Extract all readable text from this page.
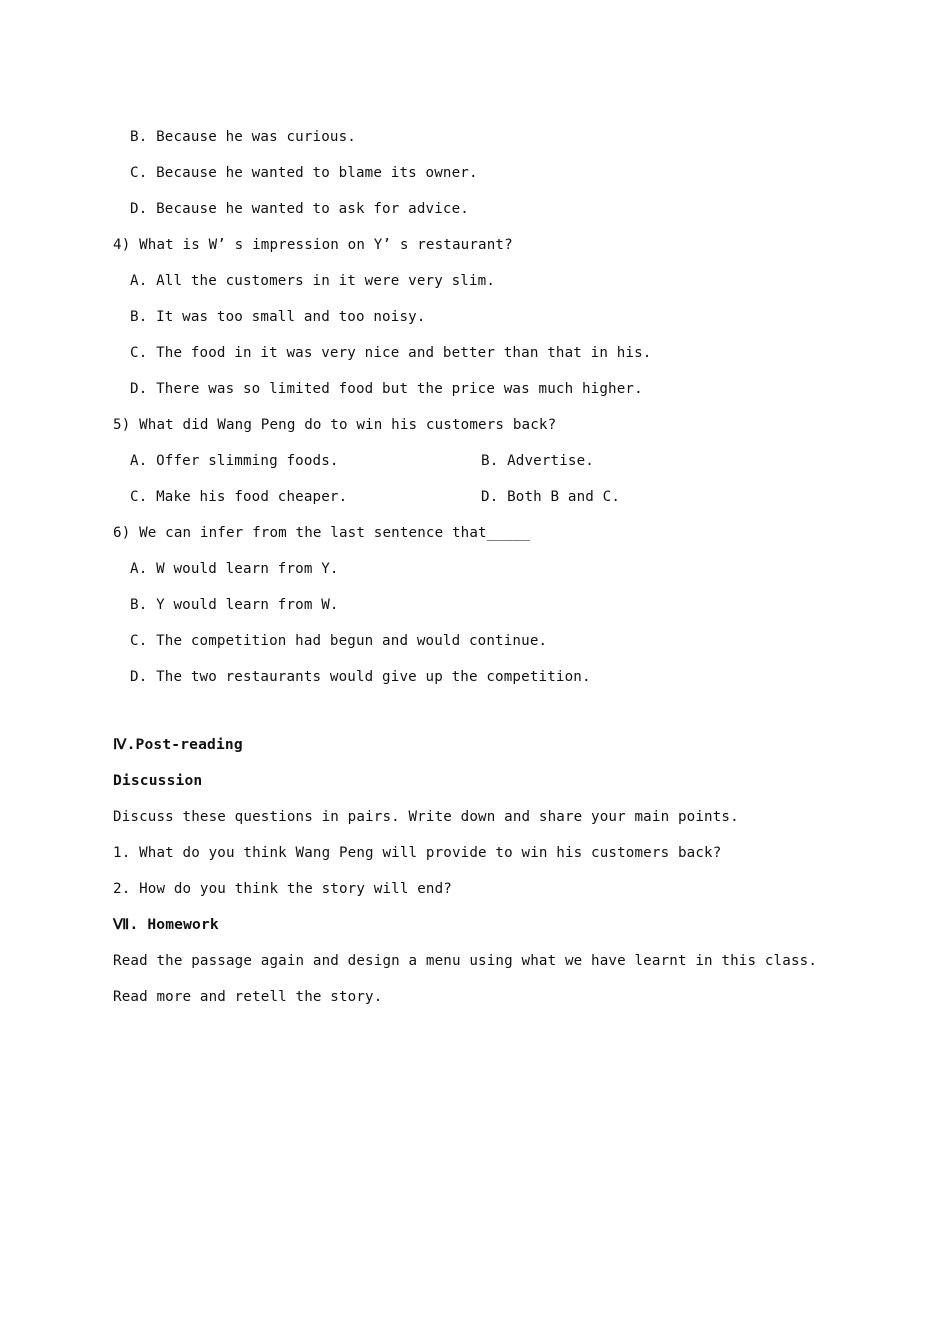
B. Because he was curious.
C. Because he wanted to blame its owner.
D. Because he wanted to ask for advice.
4) What is W’ s impression on Y’ s restaurant?
A. All the customers in it were very slim.
B. It was too small and too noisy.
C. The food in it was very nice and better than that in his.
D. There was so limited food but the price was much higher.
5) What did Wang Peng do to win his customers back?
A. Offer slimming foods.	B. Advertise.
C. Make his food cheaper.	D. Both B and C.
6) We can infer from the last sentence that_____
A. W would learn from Y.
B. Y would learn from W.
C. The competition had begun and would continue.
D. The two restaurants would give up the competition.
Ⅳ.Post-reading
Discussion
Discuss these questions in pairs. Write down and share your main points.
1. What do you think Wang Peng will provide to win his customers back?
2. How do you think the story will end?
Ⅶ. Homework
Read the passage again and design a menu using what we have learnt in this class.
Read more and retell the story.
